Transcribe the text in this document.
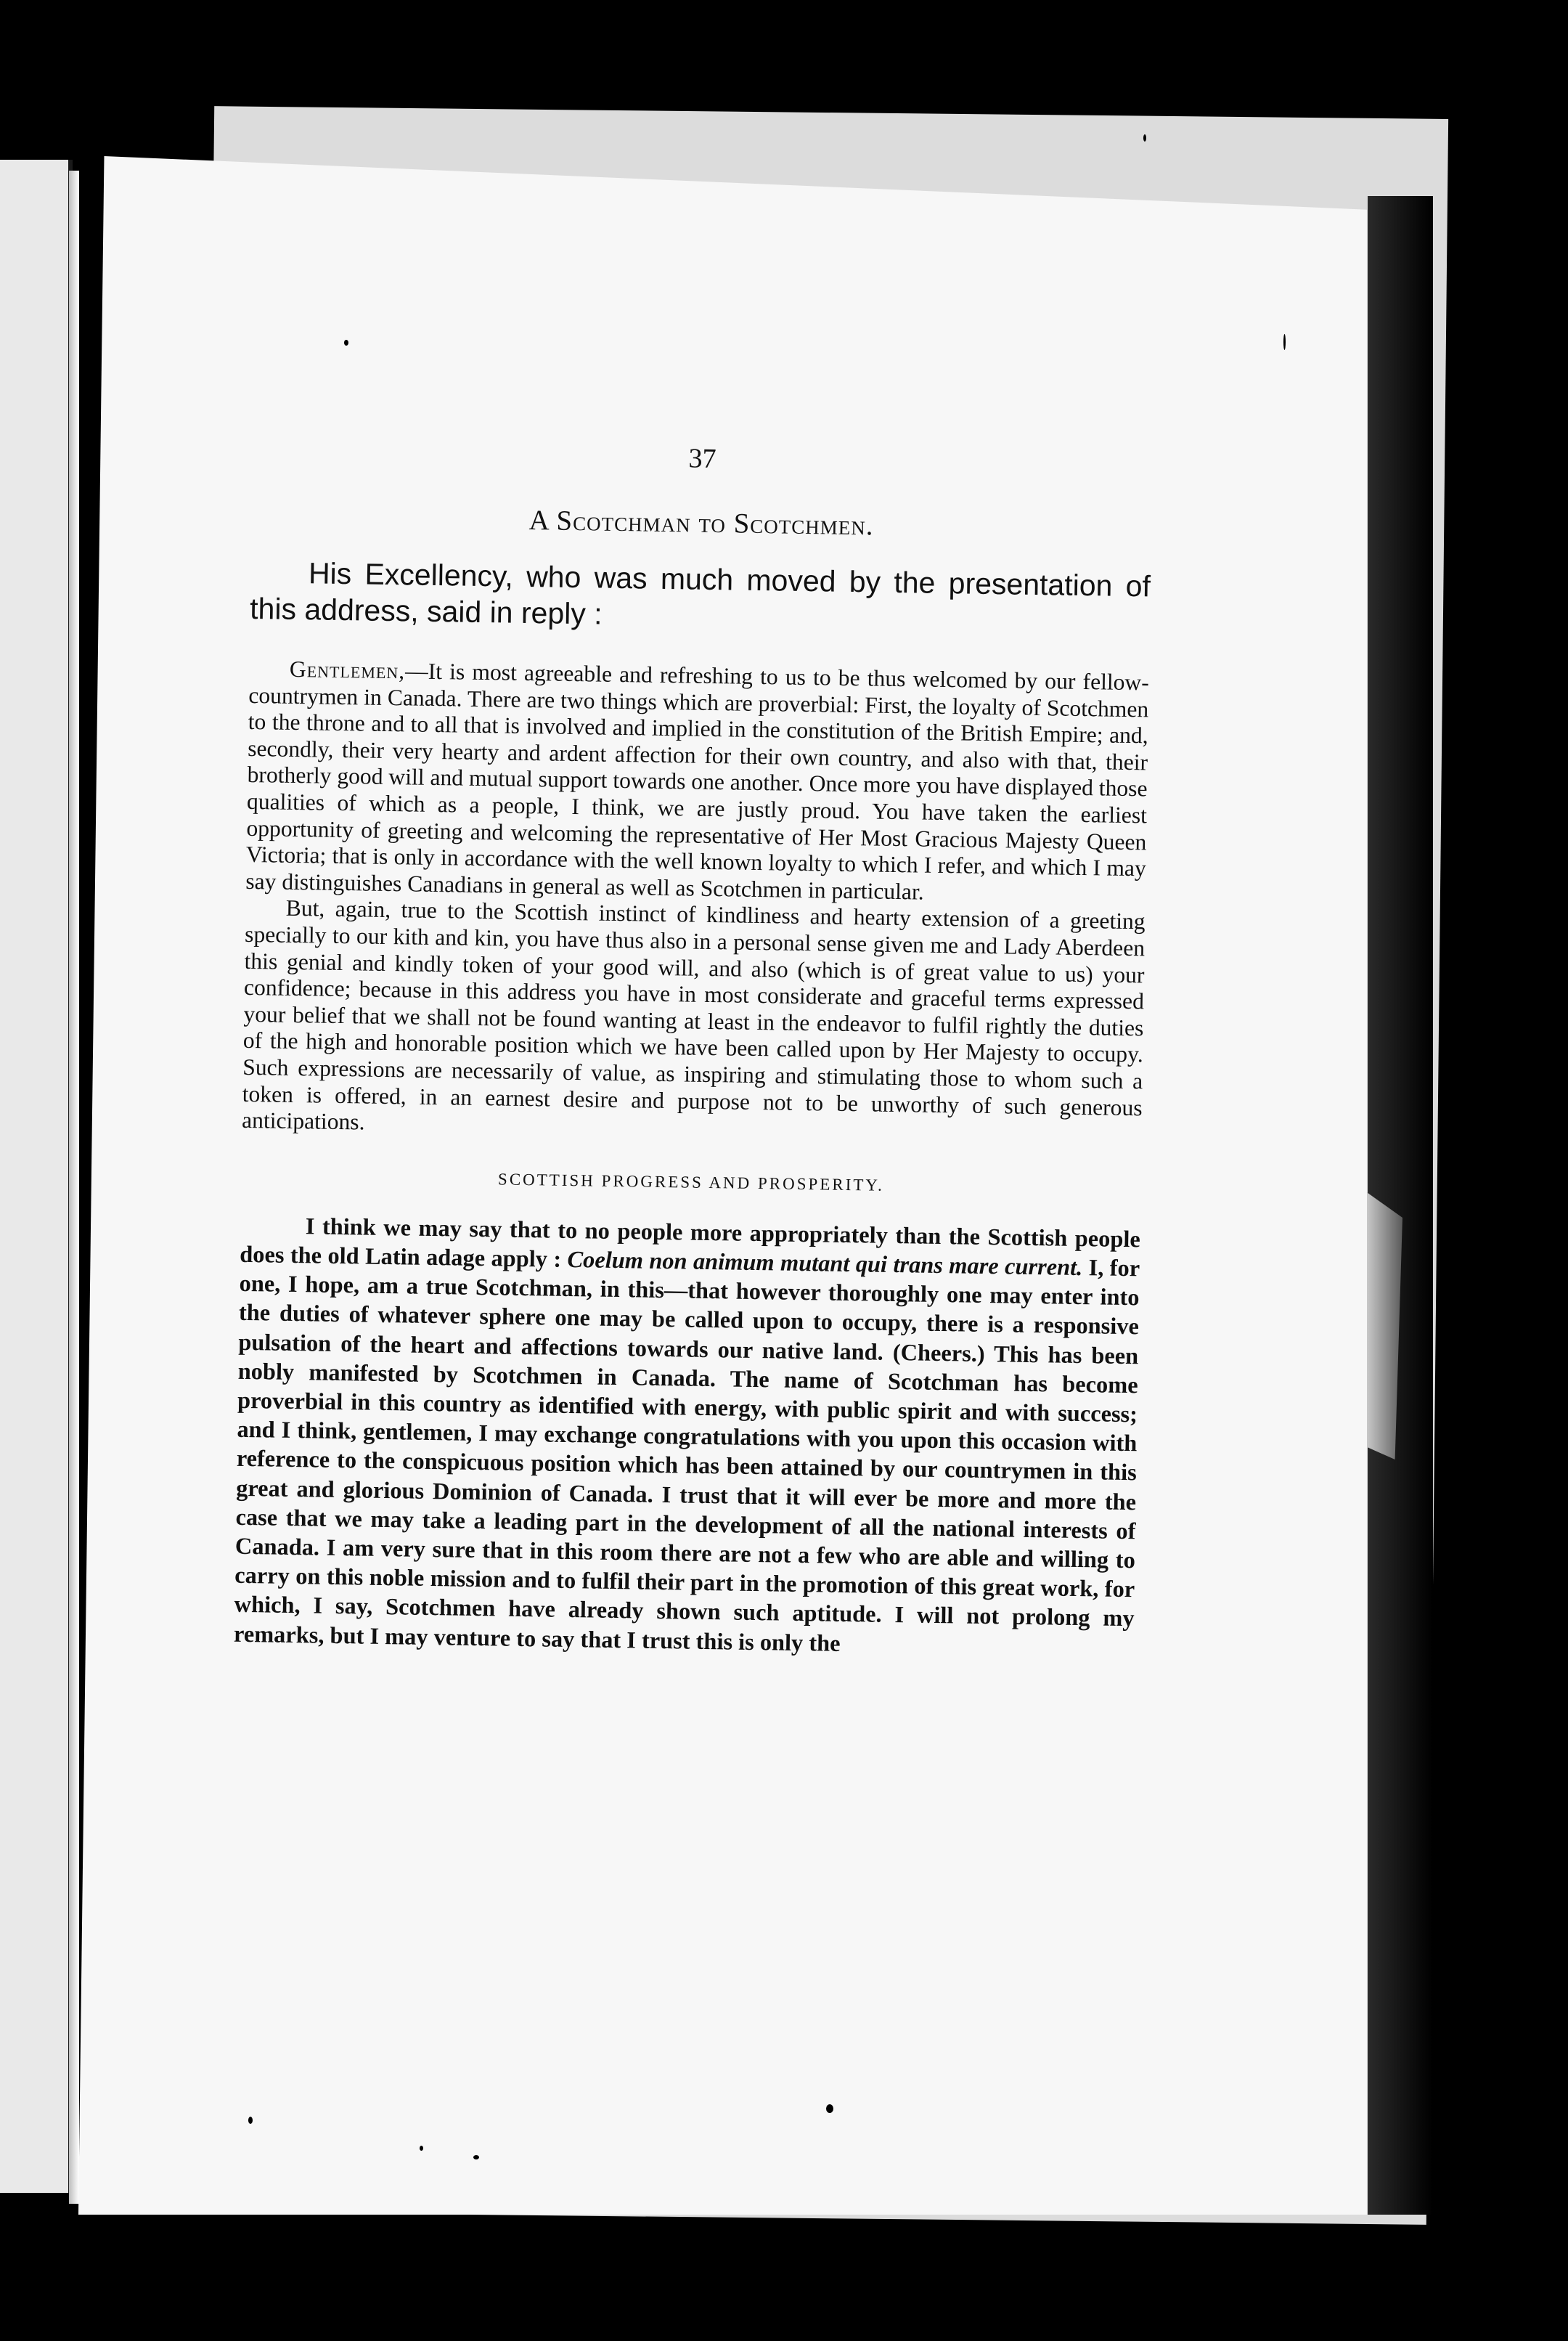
37
A Scotchman to Scotchmen.

His Excellency, who was much moved by the presentation of this address, said in reply :

Gentlemen,—It is most agreeable and refreshing to us to be thus welcomed by our fellow-countrymen in Canada. There are two things which are proverbial: First, the loyalty of Scotchmen to the throne and to all that is involved and implied in the constitution of the British Empire; and, secondly, their very hearty and ardent affection for their own country, and also with that, their brotherly good will and mutual support towards one another. Once more you have displayed those qualities of which as a people, I think, we are justly proud. You have taken the earliest opportunity of greeting and welcoming the representative of Her Most Gracious Majesty Queen Victoria; that is only in accordance with the well known loyalty to which I refer, and which I may say distinguishes Canadians in general as well as Scotchmen in particular.

But, again, true to the Scottish instinct of kindliness and hearty extension of a greeting specially to our kith and kin, you have thus also in a personal sense given me and Lady Aberdeen this genial and kindly token of your good will, and also (which is of great value to us) your confidence; because in this address you have in most considerate and graceful terms expressed your belief that we shall not be found wanting at least in the endeavor to fulfil rightly the duties of the high and honorable position which we have been called upon by Her Majesty to occupy. Such expressions are necessarily of value, as inspiring and stimulating those to whom such a token is offered, in an earnest desire and purpose not to be unworthy of such generous anticipations.

SCOTTISH PROGRESS AND PROSPERITY.

I think we may say that to no people more appropriately than the Scottish people does the old Latin adage apply : Coelum non animum mutant qui trans mare current. I, for one, I hope, am a true Scotchman, in this—that however thoroughly one may enter into the duties of whatever sphere one may be called upon to occupy, there is a responsive pulsation of the heart and affections towards our native land. (Cheers.) This has been nobly manifested by Scotchmen in Canada. The name of Scotchman has become proverbial in this country as identified with energy, with public spirit and with success; and I think, gentlemen, I may exchange congratulations with you upon this occasion with reference to the conspicuous position which has been attained by our countrymen in this great and glorious Dominion of Canada. I trust that it will ever be more and more the case that we may take a leading part in the development of all the national interests of Canada. I am very sure that in this room there are not a few who are able and willing to carry on this noble mission and to fulfil their part in the promotion of this great work, for which, I say, Scotchmen have already shown such aptitude. I will not prolong my remarks, but I may venture to say that I trust this is only the
